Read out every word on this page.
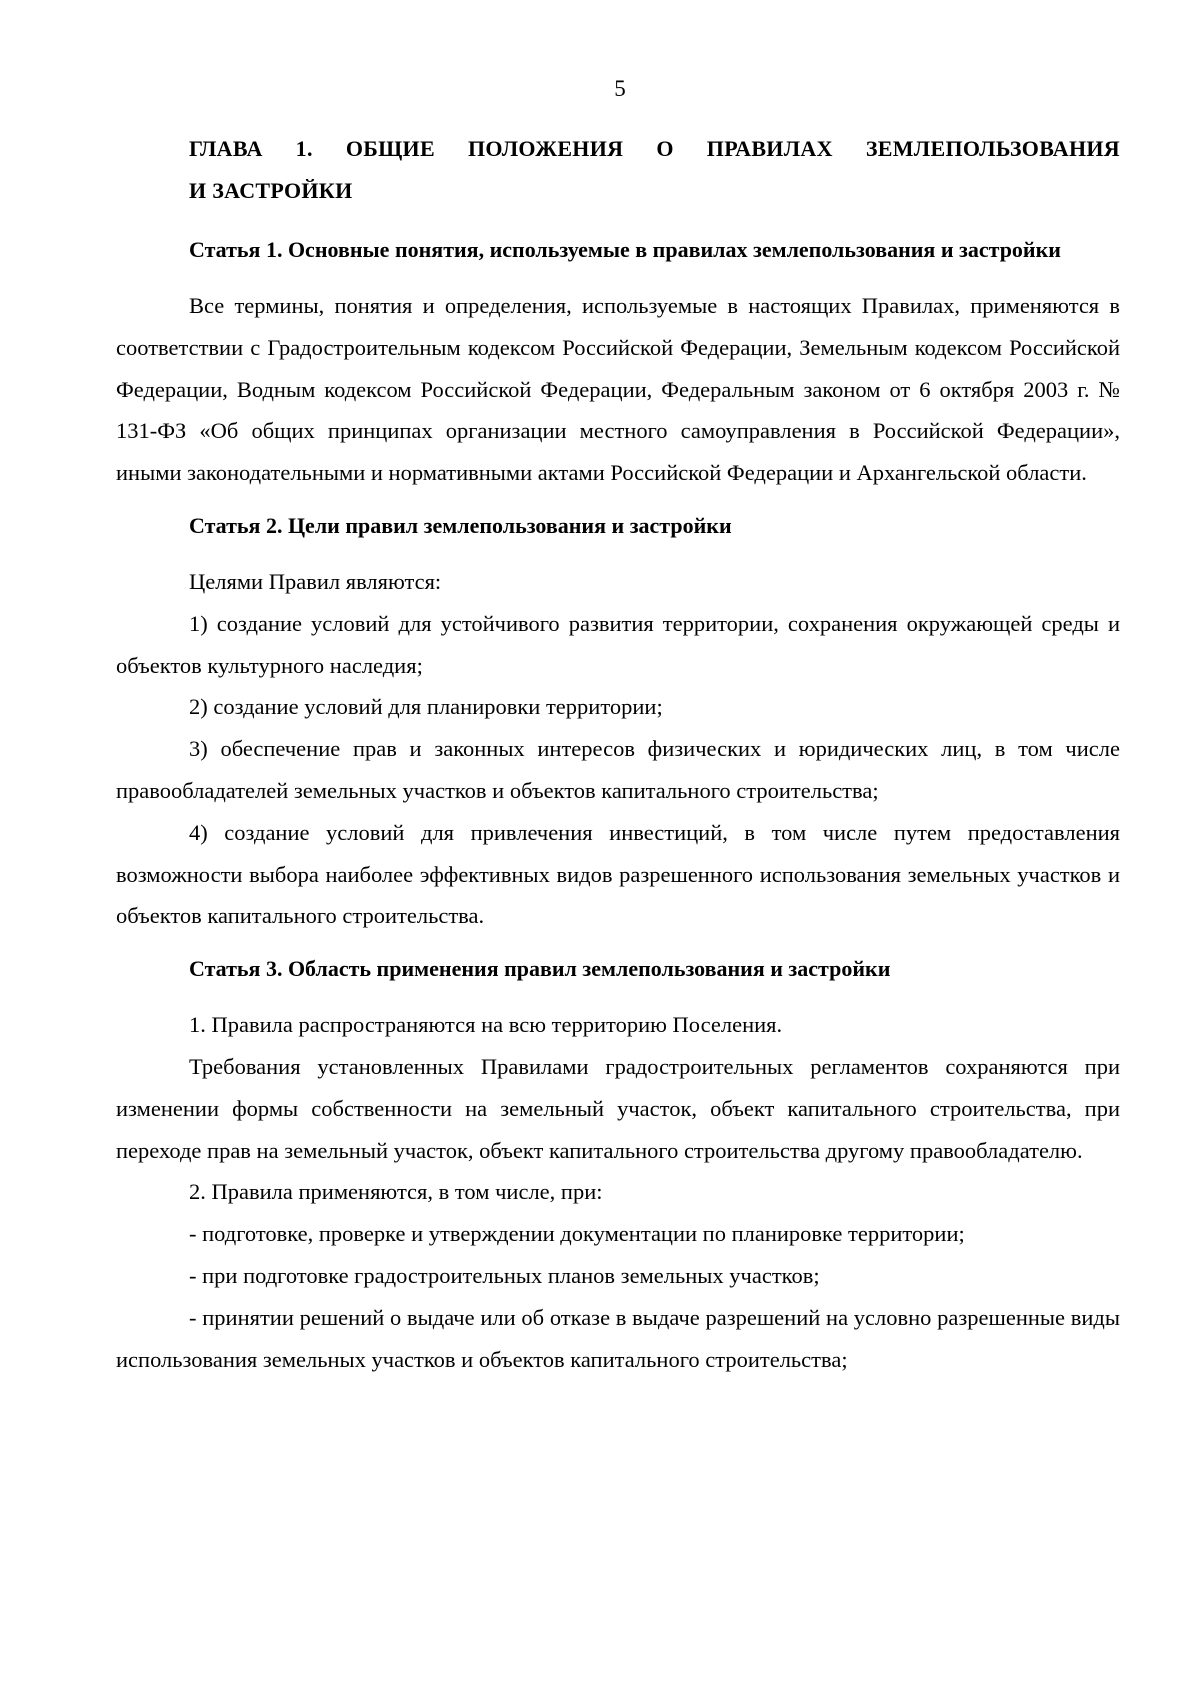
5
ГЛАВА 1. ОБЩИЕ ПОЛОЖЕНИЯ О ПРАВИЛАХ ЗЕМЛЕПОЛЬЗОВАНИЯ
И ЗАСТРОЙКИ
Статья 1. Основные понятия, используемые в правилах землепользования и застройки

Все термины, понятия и определения, используемые в настоящих Правилах, применяются в соответствии с Градостроительным кодексом Российской Федерации, Земельным кодексом Российской Федерации, Водным кодексом Российской Федерации, Федеральным законом от 6 октября 2003 г. № 131-ФЗ «Об общих принципах организации местного самоуправления в Российской Федерации», иными законодательными и нормативными актами Российской Федерации и Архангельской области.

Статья 2. Цели правил землепользования и застройки

Целями Правил являются:

1) создание условий для устойчивого развития территории, сохранения окружающей среды и объектов культурного наследия;

2) создание условий для планировки территории;

3) обеспечение прав и законных интересов физических и юридических лиц, в том числе правообладателей земельных участков и объектов капитального строительства;

4) создание условий для привлечения инвестиций, в том числе путем предоставления возможности выбора наиболее эффективных видов разрешенного использования земельных участков и объектов капитального строительства.

Статья 3. Область применения правил землепользования и застройки

1. Правила распространяются на всю территорию Поселения.

Требования установленных Правилами градостроительных регламентов сохраняются при изменении формы собственности на земельный участок, объект капитального строительства, при переходе прав на земельный участок, объект капитального строительства другому правообладателю.

2. Правила применяются, в том числе, при:

- подготовке, проверке и утверждении документации по планировке территории;

- при подготовке градостроительных планов земельных участков;

- принятии решений о выдаче или об отказе в выдаче разрешений на условно разрешенные виды использования земельных участков и объектов капитального строительства;
